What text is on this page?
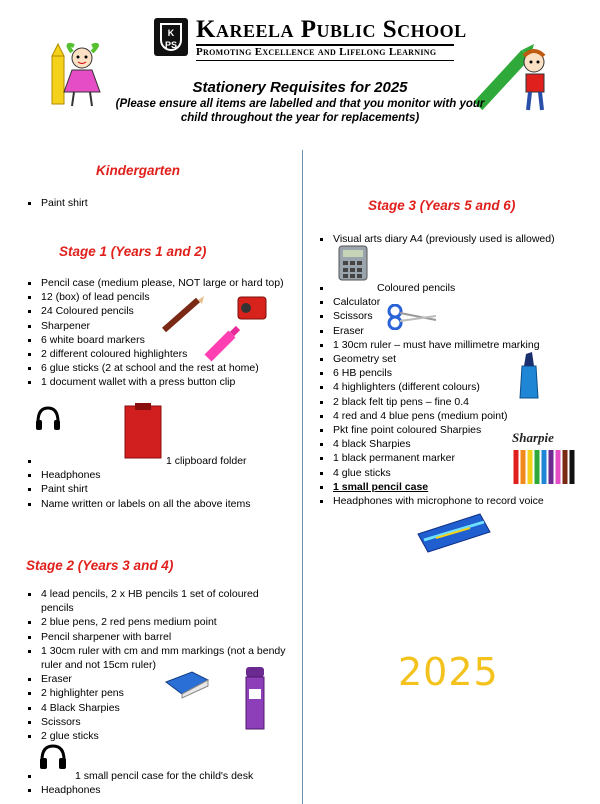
K
PS
Kareela Public School
Promoting Excellence and Lifelong Learning
Stationery Requisites for 2025
(Please ensure all items are labelled and that you monitor with your child throughout the year for replacements)
Kindergarten
Paint shirt
Stage 1 (Years 1 and 2)
Pencil case (medium please, NOT large or hard top)
12 (box) of lead pencils
24 Coloured pencils
Sharpener
6 white board markers
2 different coloured highlighters
6 glue sticks (2 at school and the rest at home)
1 document wallet with a press button clip
1 clipboard folder
Headphones
Paint shirt
Name written or labels on all the above items
Stage 2 (Years 3 and 4)
4 lead pencils, 2 x HB pencils 1 set of coloured pencils
2 blue pens, 2 red pens medium point
Pencil sharpener with barrel
1 30cm ruler with cm and mm markings (not a bendy ruler and not 15cm ruler)
Eraser
2 highlighter pens
4 Black Sharpies
Scissors
2 glue sticks
1 small pencil case for the child's desk
Headphones
Stage 3 (Years 5 and 6)
Visual arts diary A4 (previously used is allowed)
Coloured pencils
Calculator
Scissors
Eraser
1 30cm ruler – must have millimetre marking
Geometry set
6 HB pencils
4 highlighters (different colours)
2 black felt tip pens – fine 0.4
4 red and 4 blue pens (medium point)
Pkt fine point coloured Sharpies
4 black Sharpies
1 black permanent marker
4 glue sticks
1 small pencil case
Headphones with microphone to record voice
Sharpie
2025
